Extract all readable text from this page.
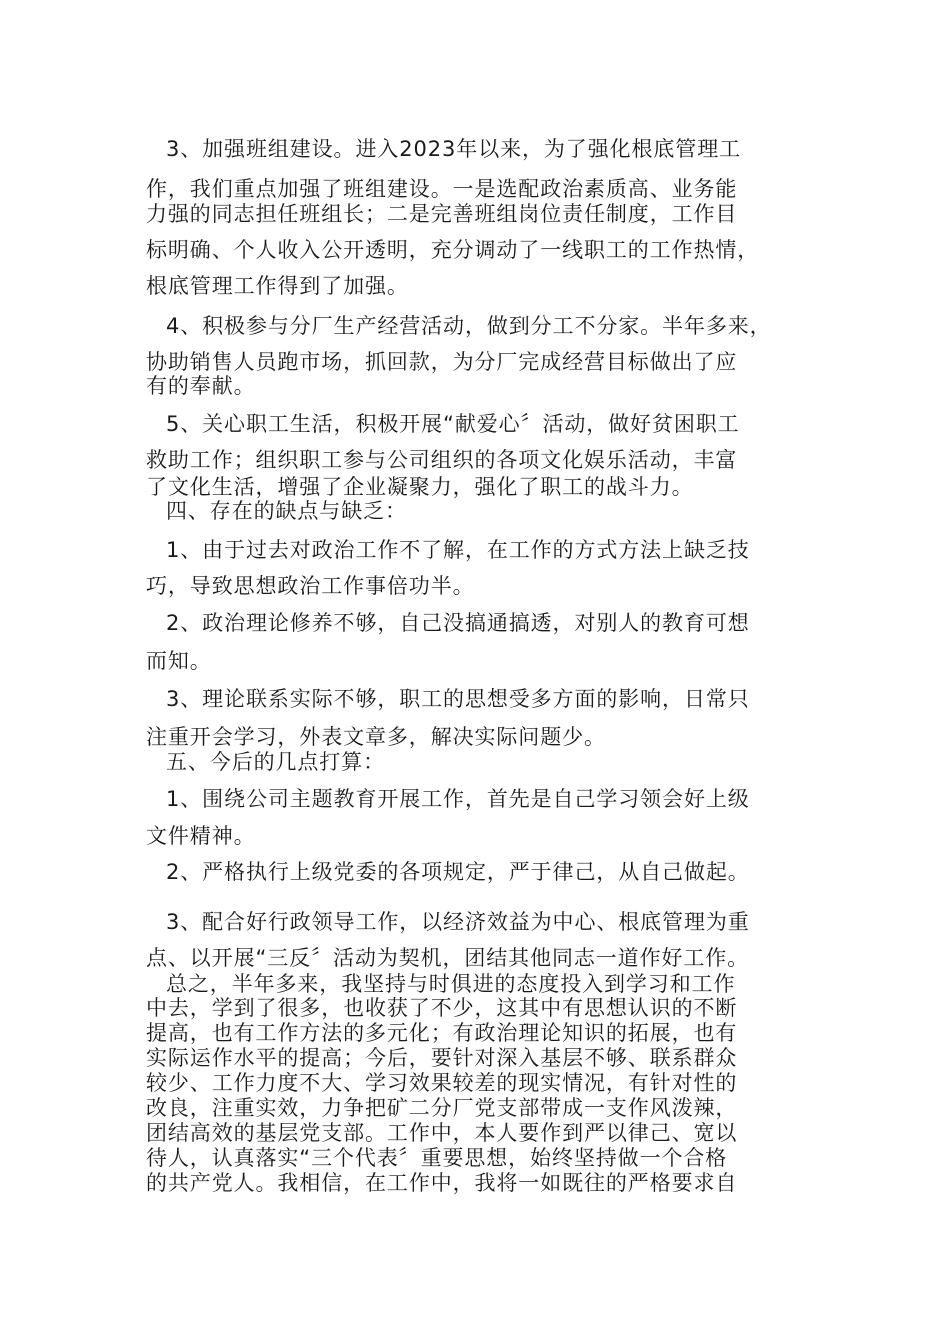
3、加强班组建设。进入2023年以来，为了强化根底管理工
作，我们重点加强了班组建设。一是选配政治素质高、业务能
力强的同志担任班组长；二是完善班组岗位责任制度，工作目
标明确、个人收入公开透明，充分调动了一线职工的工作热情，
根底管理工作得到了加强。
4、积极参与分厂生产经营活动，做到分工不分家。半年多来，
协助销售人员跑市场，抓回款，为分厂完成经营目标做出了应
有的奉献。
5、关心职工生活，积极开展“献爱心〞活动，做好贫困职工
救助工作；组织职工参与公司组织的各项文化娱乐活动，丰富
了文化生活，增强了企业凝聚力，强化了职工的战斗力。
四、存在的缺点与缺乏：
1、由于过去对政治工作不了解，在工作的方式方法上缺乏技
巧，导致思想政治工作事倍功半。
2、政治理论修养不够，自己没搞通搞透，对别人的教育可想
而知。
3、理论联系实际不够，职工的思想受多方面的影响，日常只
注重开会学习，外表文章多，解决实际问题少。
五、今后的几点打算：
1、围绕公司主题教育开展工作，首先是自己学习领会好上级
文件精神。
2、严格执行上级党委的各项规定，严于律己，从自己做起。
3、配合好行政领导工作，以经济效益为中心、根底管理为重
点、以开展“三反〞活动为契机，团结其他同志一道作好工作。
总之，半年多来，我坚持与时俱进的态度投入到学习和工作
中去，学到了很多，也收获了不少，这其中有思想认识的不断
提高，也有工作方法的多元化；有政治理论知识的拓展，也有
实际运作水平的提高；今后，要针对深入基层不够、联系群众
较少、工作力度不大、学习效果较差的现实情况，有针对性的
改良，注重实效，力争把矿二分厂党支部带成一支作风泼辣，
团结高效的基层党支部。工作中，本人要作到严以律己、宽以
待人，认真落实“三个代表〞重要思想，始终坚持做一个合格
的共产党人。我相信，在工作中，我将一如既往的严格要求自
